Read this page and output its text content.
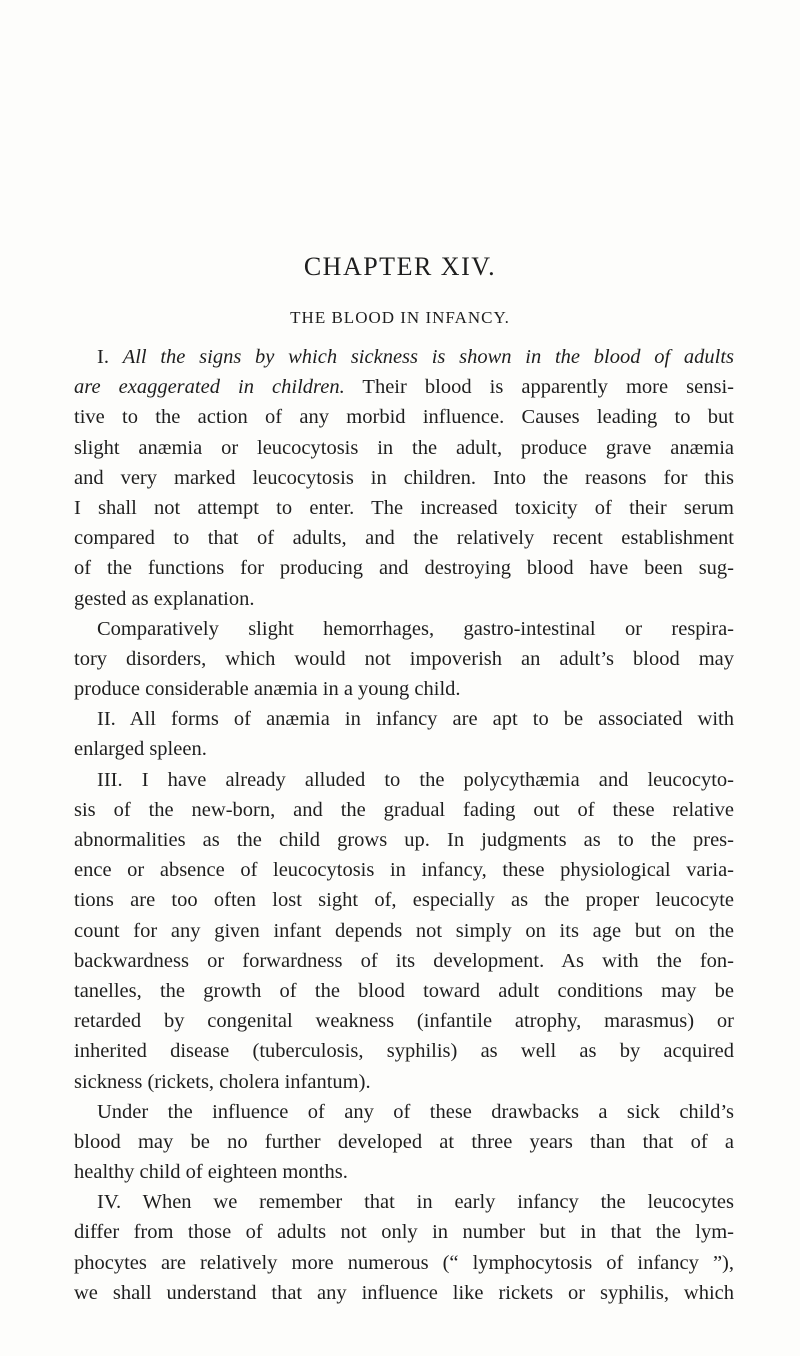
CHAPTER XIV.
THE BLOOD IN INFANCY.
I. All the signs by which sickness is shown in the blood of adults
are exaggerated in children. Their blood is apparently more sensi-
tive to the action of any morbid influence. Causes leading to but
slight anæmia or leucocytosis in the adult, produce grave anæmia
and very marked leucocytosis in children. Into the reasons for this
I shall not attempt to enter. The increased toxicity of their serum
compared to that of adults, and the relatively recent establishment
of the functions for producing and destroying blood have been sug-
gested as explanation.
Comparatively slight hemorrhages, gastro-intestinal or respira-
tory disorders, which would not impoverish an adult’s blood may
produce considerable anæmia in a young child.
II. All forms of anæmia in infancy are apt to be associated with
enlarged spleen.
III. I have already alluded to the polycythæmia and leucocyto-
sis of the new-born, and the gradual fading out of these relative
abnormalities as the child grows up. In judgments as to the pres-
ence or absence of leucocytosis in infancy, these physiological varia-
tions are too often lost sight of, especially as the proper leucocyte
count for any given infant depends not simply on its age but on the
backwardness or forwardness of its development. As with the fon-
tanelles, the growth of the blood toward adult conditions may be
retarded by congenital weakness (infantile atrophy, marasmus) or
inherited disease (tuberculosis, syphilis) as well as by acquired
sickness (rickets, cholera infantum).
Under the influence of any of these drawbacks a sick child’s
blood may be no further developed at three years than that of a
healthy child of eighteen months.
IV. When we remember that in early infancy the leucocytes
differ from those of adults not only in number but in that the lym-
phocytes are relatively more numerous (“ lymphocytosis of infancy ”),
we shall understand that any influence like rickets or syphilis, which
